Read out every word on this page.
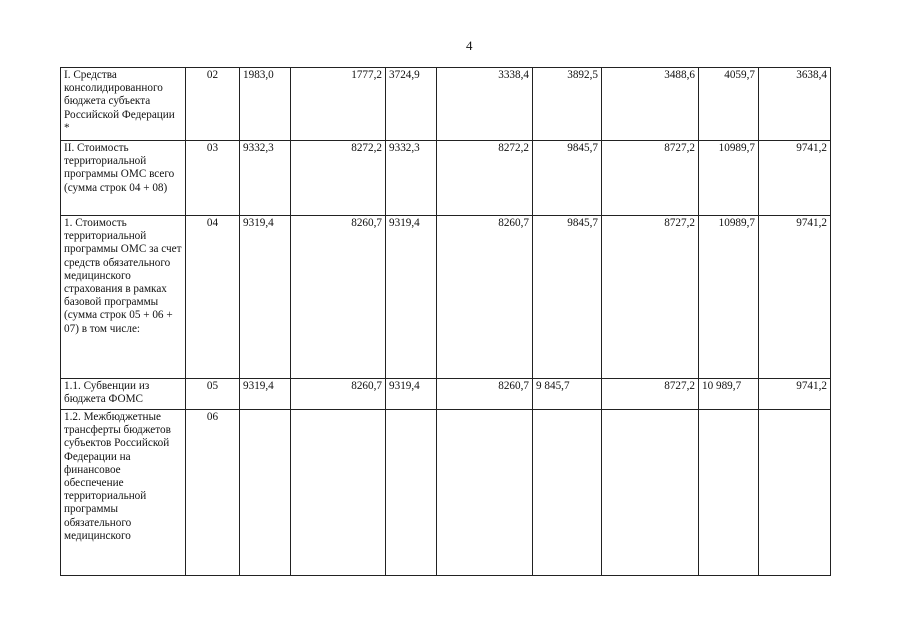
4
I. Средства консолидированного бюджета субъекта Российской Федерации *	02	1983,0	1777,2	3724,9	3338,4	3892,5	3488,6	4059,7	3638,4
II. Стоимость территориальной программы ОМС всего (сумма строк 04 + 08)	03	9332,3	8272,2	9332,3	8272,2	9845,7	8727,2	10989,7	9741,2
1. Стоимость территориальной программы ОМС за счет средств обязательного медицинского страхования в рамках базовой программы (сумма строк 05 + 06 + 07) в том числе:	04	9319,4	8260,7	9319,4	8260,7	9845,7	8727,2	10989,7	9741,2
1.1. Субвенции из бюджета ФОМС	05	9319,4	8260,7	9319,4	8260,7	9 845,7	8727,2	10 989,7	9741,2
1.2. Межбюджетные трансферты бюджетов субъектов Российской Федерации на финансовое обеспечение территориальной программы обязательного медицинского	06								
